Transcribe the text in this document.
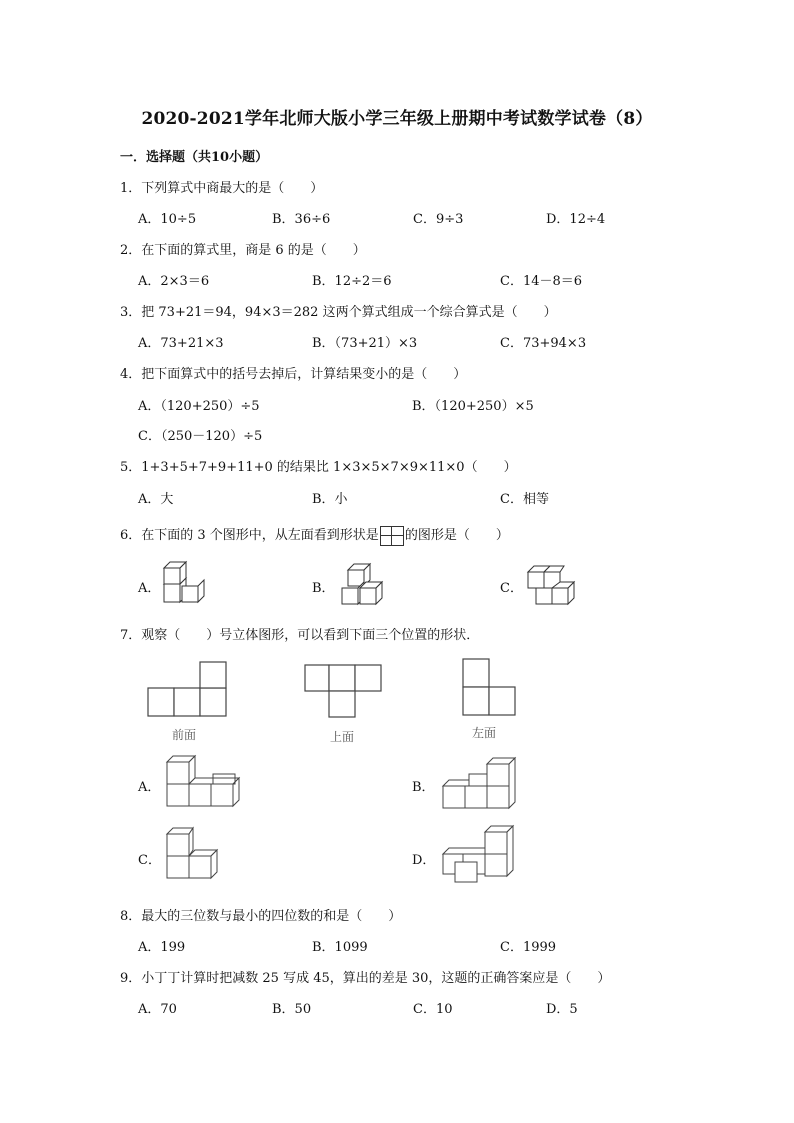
2020-2021学年北师大版小学三年级上册期中考试数学试卷（8）
一．选择题（共10小题）
1．下列算式中商最大的是（　　）
A．10÷5	B．36÷6	C．9÷3	D．12÷4
2．在下面的算式里，商是 6 的是（　　）
A．2×3＝6	B．12÷2＝6	C．14－8＝6
3．把 73+21＝94，94×3＝282 这两个算式组成一个综合算式是（　　）
A．73+21×3	B．（73+21）×3	C．73+94×3
4．把下面算式中的括号去掉后，计算结果变小的是（　　）
A．（120+250）÷5	B．（120+250）×5
C．（250－120）÷5
5．1+3+5+7+9+11+0 的结果比 1×3×5×7×9×11×0（　　）
A．大	B．小	C．相等
6．在下面的 3 个图形中，从左面看到形状是 的图形是（　　）
A．	B．	C．
7．观察（　　）号立体图形，可以看到下面三个位置的形状．
前面	上面	左面
A．	B．
C．	D．
8．最大的三位数与最小的四位数的和是（　　）
A．199	B．1099	C．1999
9．小丁丁计算时把减数 25 写成 45，算出的差是 30，这题的正确答案应是（　　）
A．70	B．50	C．10	D．5
